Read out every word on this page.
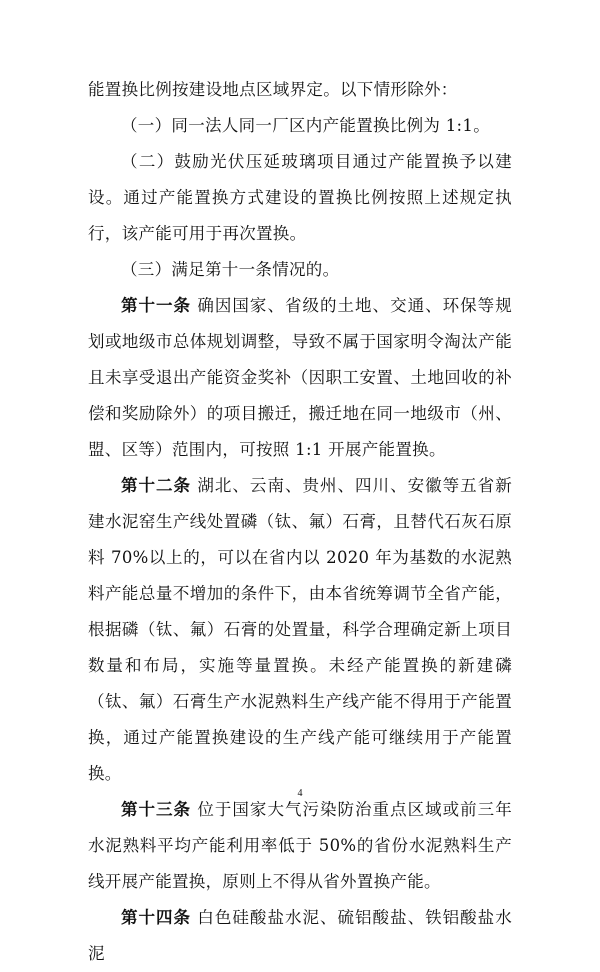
能置换比例按建设地点区域界定。以下情形除外：

（一）同一法人同一厂区内产能置换比例为 1:1。

（二）鼓励光伏压延玻璃项目通过产能置换予以建设。通过产能置换方式建设的置换比例按照上述规定执行，该产能可用于再次置换。

（三）满足第十一条情况的。

第十一条 确因国家、省级的土地、交通、环保等规划或地级市总体规划调整，导致不属于国家明令淘汰产能且未享受退出产能资金奖补（因职工安置、土地回收的补偿和奖励除外）的项目搬迁，搬迁地在同一地级市（州、盟、区等）范围内，可按照 1:1 开展产能置换。

第十二条 湖北、云南、贵州、四川、安徽等五省新建水泥窑生产线处置磷（钛、氟）石膏，且替代石灰石原料 70%以上的，可以在省内以 2020 年为基数的水泥熟料产能总量不增加的条件下，由本省统筹调节全省产能，根据磷（钛、氟）石膏的处置量，科学合理确定新上项目数量和布局，实施等量置换。未经产能置换的新建磷（钛、氟）石膏生产水泥熟料生产线产能不得用于产能置换，通过产能置换建设的生产线产能可继续用于产能置换。

第十三条 位于国家大气污染防治重点区域或前三年水泥熟料平均产能利用率低于 50%的省份水泥熟料生产线开展产能置换，原则上不得从省外置换产能。

第十四条 白色硅酸盐水泥、硫铝酸盐、铁铝酸盐水泥

4
